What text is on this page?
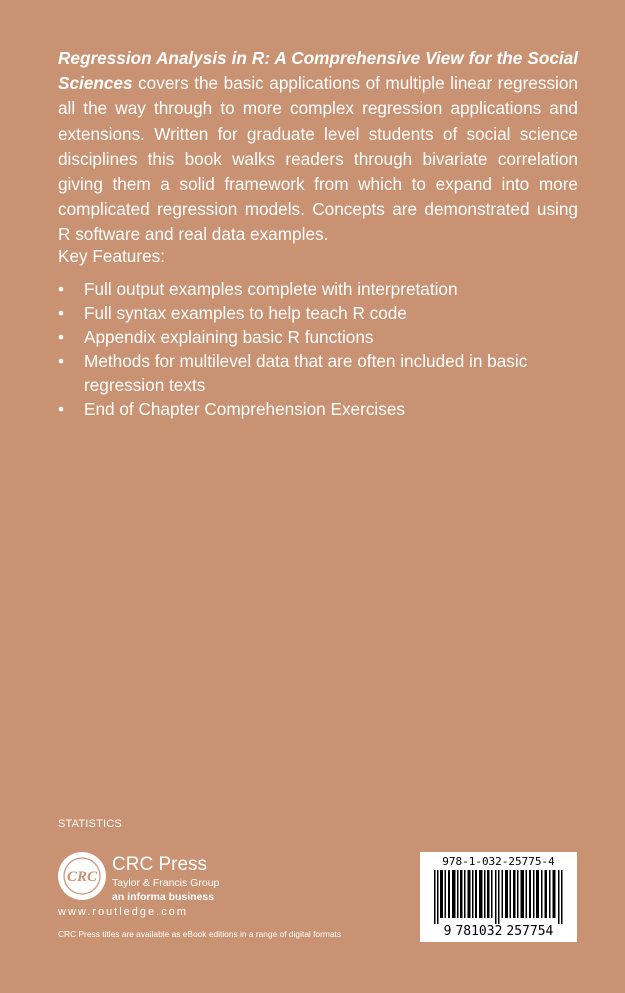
Regression Analysis in R: A Comprehensive View for the Social Sciences covers the basic applications of multiple linear regression all the way through to more complex regression applications and extensions. Written for graduate level students of social science disciplines this book walks readers through bivariate correlation giving them a solid framework from which to expand into more complicated regression models. Concepts are demonstrated using R software and real data examples.

Key Features:

• Full output examples complete with interpretation
• Full syntax examples to help teach R code
• Appendix explaining basic R functions
• Methods for multilevel data that are often included in basic regression texts
• End of Chapter Comprehension Exercises
STATISTICS
CRC
CRC Press
Taylor & Francis Group
an informa business
www.routledge.com
CRC Press titles are available as eBook editions in a range of digital formats
978-1-032-25775-4
9 781032 257754
